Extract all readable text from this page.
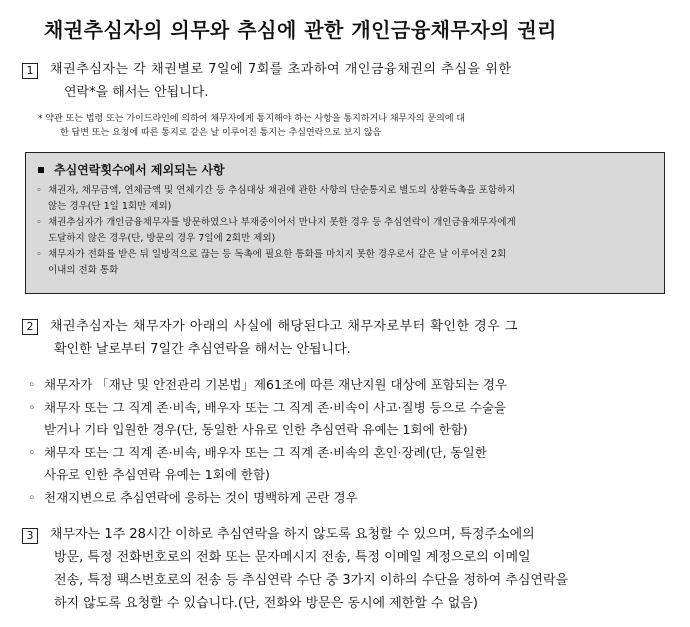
채권추심자의 의무와 추심에 관한 개인금융채무자의 권리
1	채권추심자는 각 채권별로 7일에 7회를 초과하여 개인금융채권의 추심을 위한
연락*을 해서는 안됩니다.
* 약관 또는 법령 또는 가이드라인에 의하여 채무자에게 통지해야 하는 사항을 통지하거나 채무자의 문의에 대
한 답변 또는 요청에 따른 통지로 같은 날 이루어진 통지는 추심연락으로 보지 않음
추심연락횟수에서 제외되는 사항
◦ 채권자, 채무금액, 연체금액 및 연체기간 등 추심대상 채권에 관한 사항의 단순통지로 별도의 상환독촉을 포함하지
않는 경우(단 1일 1회만 제외)
◦ 채권추심자가 개인금융채무자를 방문하였으나 부재중이어서 만나지 못한 경우 등 추심연락이 개인금융채무자에게
도달하지 않은 경우(단, 방문의 경우 7일에 2회만 제외)
◦ 채무자가 전화를 받은 뒤 일방적으로 끊는 등 독촉에 필요한 통화를 마치지 못한 경우로서 같은 날 이루어진 2회
이내의 전화 통화
2	채권추심자는 채무자가 아래의 사실에 해당된다고 채무자로부터 확인한 경우 그
확인한 날로부터 7일간 추심연락을 해서는 안됩니다.
◦ 채무자가 「재난 및 안전관리 기본법」제61조에 따른 재난지원 대상에 포함되는 경우
◦ 채무자 또는 그 직계 존·비속, 배우자 또는 그 직계 존·비속이 사고·질병 등으로 수술을
받거나 기타 입원한 경우(단, 동일한 사유로 인한 추심연락 유예는 1회에 한함)
◦ 채무자 또는 그 직계 존·비속, 배우자 또는 그 직계 존·비속의 혼인·장례(단, 동일한
사유로 인한 추심연락 유예는 1회에 한함)
◦ 천재지변으로 추심연락에 응하는 것이 명백하게 곤란 경우
3	채무자는 1주 28시간 이하로 추심연락을 하지 않도록 요청할 수 있으며, 특정주소에의
방문, 특정 전화번호로의 전화 또는 문자메시지 전송, 특정 이메일 계정으로의 이메일
전송, 특정 팩스번호로의 전송 등 추심연락 수단 중 3가지 이하의 수단을 정하여 추심연락을
하지 않도록 요청할 수 있습니다.(단, 전화와 방문은 동시에 제한할 수 없음)
